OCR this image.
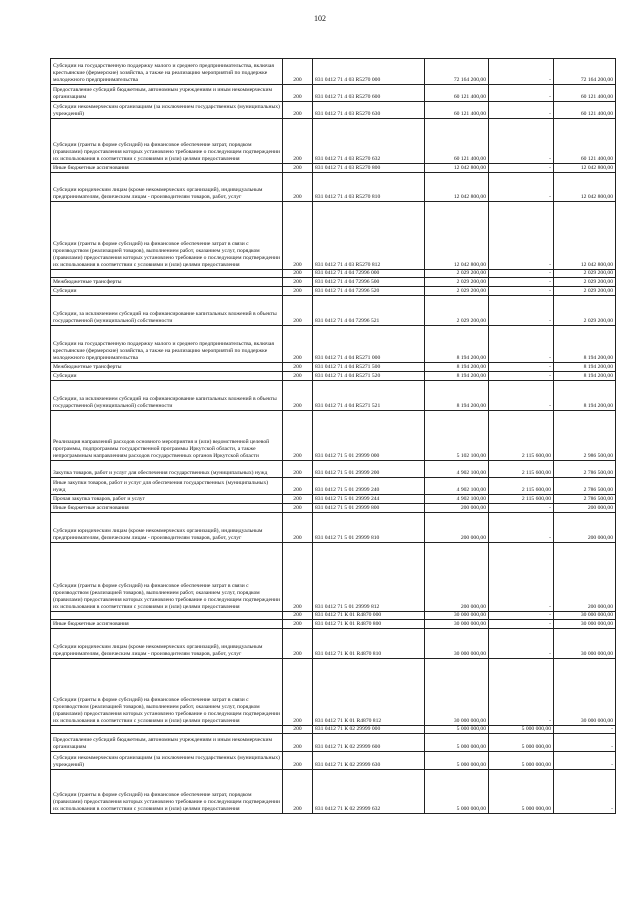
102
Субсидии на государственную поддержку малого и среднего предпринимательства, включая крестьянские (фермерские) хозяйства, а также на реализацию мероприятий по поддержке молодежного предпринимательства	200	831 0412 71 4 03 R5270 000	72 164 200,00	-	72 164 200,00
Предоставление субсидий бюджетным, автономным учреждениям и иным некоммерческим организациям	200	831 0412 71 4 03 R5270 600	60 121 400,00	-	60 121 400,00
Субсидии некоммерческим организациям (за исключением государственных (муниципальных) учреждений)	200	831 0412 71 4 03 R5270 630	60 121 400,00	-	60 121 400,00
Субсидии (гранты в форме субсидий) на финансовое обеспечение затрат, порядком (правилами) предоставления которых установлено требование о последующем подтверждении их использования в соответствии с условиями и (или) целями предоставления	200	831 0412 71 4 03 R5270 632	60 121 400,00	-	60 121 400,00
Иные бюджетные ассигнования	200	831 0412 71 4 03 R5270 800	12 042 800,00	-	12 042 800,00
Субсидии юридическим лицам (кроме некоммерческих организаций), индивидуальным предпринимателям, физическим лицам - производителям товаров, работ, услуг	200	831 0412 71 4 03 R5270 810	12 042 800,00	-	12 042 800,00
Субсидии (гранты в форме субсидий) на финансовое обеспечение затрат в связи с производством (реализацией товаров), выполнением работ, оказанием услуг, порядком (правилами) предоставления которых установлено требование о последующем подтверждении их использования в соответствии с условиями и (или) целями предоставления	200	831 0412 71 4 03 R5270 812	12 042 800,00	-	12 042 800,00
	200	831 0412 71 4 04 72996 000	2 029 200,00	-	2 029 200,00
Межбюджетные трансферты	200	831 0412 71 4 04 72996 500	2 029 200,00	-	2 029 200,00
Субсидии	200	831 0412 71 4 04 72996 520	2 029 200,00	-	2 029 200,00
Субсидии, за исключением субсидий на софинансирование капитальных вложений в объекты государственной (муниципальной) собственности	200	831 0412 71 4 04 72996 521	2 029 200,00	-	2 029 200,00
Субсидии на государственную поддержку малого и среднего предпринимательства, включая крестьянские (фермерские) хозяйства, а также на реализацию мероприятий по поддержке молодежного предпринимательства	200	831 0412 71 4 04 R5271 000	8 194 200,00	-	8 194 200,00
Межбюджетные трансферты	200	831 0412 71 4 04 R5271 500	8 194 200,00	-	8 194 200,00
Субсидии	200	831 0412 71 4 04 R5271 520	8 194 200,00	-	8 194 200,00
Субсидии, за исключением субсидий на софинансирование капитальных вложений в объекты государственной (муниципальной) собственности	200	831 0412 71 4 04 R5271 521	8 194 200,00	-	8 194 200,00
Реализация направлений расходов основного мероприятия и (или) ведомственной целевой программы, подпрограммы государственной программы Иркутской области, а также непрограммным направлениям расходов государственных органов Иркутской области	200	831 0412 71 5 01 29999 000	5 102 100,00	2 115 600,00	2 986 500,00
Закупка товаров, работ и услуг для обеспечения государственных (муниципальных) нужд	200	831 0412 71 5 01 29999 200	4 902 100,00	2 115 600,00	2 786 500,00
Иные закупки товаров, работ и услуг для обеспечения государственных (муниципальных) нужд	200	831 0412 71 5 01 29999 240	4 902 100,00	2 115 600,00	2 786 500,00
Прочая закупка товаров, работ и услуг	200	831 0412 71 5 01 29999 244	4 902 100,00	2 115 600,00	2 786 500,00
Иные бюджетные ассигнования	200	831 0412 71 5 01 29999 800	200 000,00	-	200 000,00
Субсидии юридическим лицам (кроме некоммерческих организаций), индивидуальным предпринимателям, физическим лицам - производителям товаров, работ, услуг	200	831 0412 71 5 01 29999 810	200 000,00	-	200 000,00
Субсидии (гранты в форме субсидий) на финансовое обеспечение затрат в связи с производством (реализацией товаров), выполнением работ, оказанием услуг, порядком (правилами) предоставления которых установлено требование о последующем подтверждении их использования в соответствии с условиями и (или) целями предоставления	200	831 0412 71 5 01 29999 812	200 000,00	-	200 000,00
	200	831 0412 71 К 01 R4870 000	30 000 000,00	-	30 000 000,00
Иные бюджетные ассигнования	200	831 0412 71 К 01 R4870 800	30 000 000,00	-	30 000 000,00
Субсидии юридическим лицам (кроме некоммерческих организаций), индивидуальным предпринимателям, физическим лицам - производителям товаров, работ, услуг	200	831 0412 71 К 01 R4870 810	30 000 000,00	-	30 000 000,00
Субсидии (гранты в форме субсидий) на финансовое обеспечение затрат в связи с производством (реализацией товаров), выполнением работ, оказанием услуг, порядком (правилами) предоставления которых установлено требование о последующем подтверждении их использования в соответствии с условиями и (или) целями предоставления	200	831 0412 71 К 01 R4870 812	30 000 000,00	-	30 000 000,00
	200	831 0412 71 К 02 29999 000	5 000 000,00	5 000 000,00	-
Предоставление субсидий бюджетным, автономным учреждениям и иным некоммерческим организациям	200	831 0412 71 К 02 29999 600	5 000 000,00	5 000 000,00	-
Субсидии некоммерческим организациям (за исключением государственных (муниципальных) учреждений)	200	831 0412 71 К 02 29999 630	5 000 000,00	5 000 000,00	-
Субсидии (гранты в форме субсидий) на финансовое обеспечение затрат, порядком (правилами) предоставления которых установлено требование о последующем подтверждении их использования в соответствии с условиями и (или) целями предоставления	200	831 0412 71 К 02 29999 632	5 000 000,00	5 000 000,00	-
